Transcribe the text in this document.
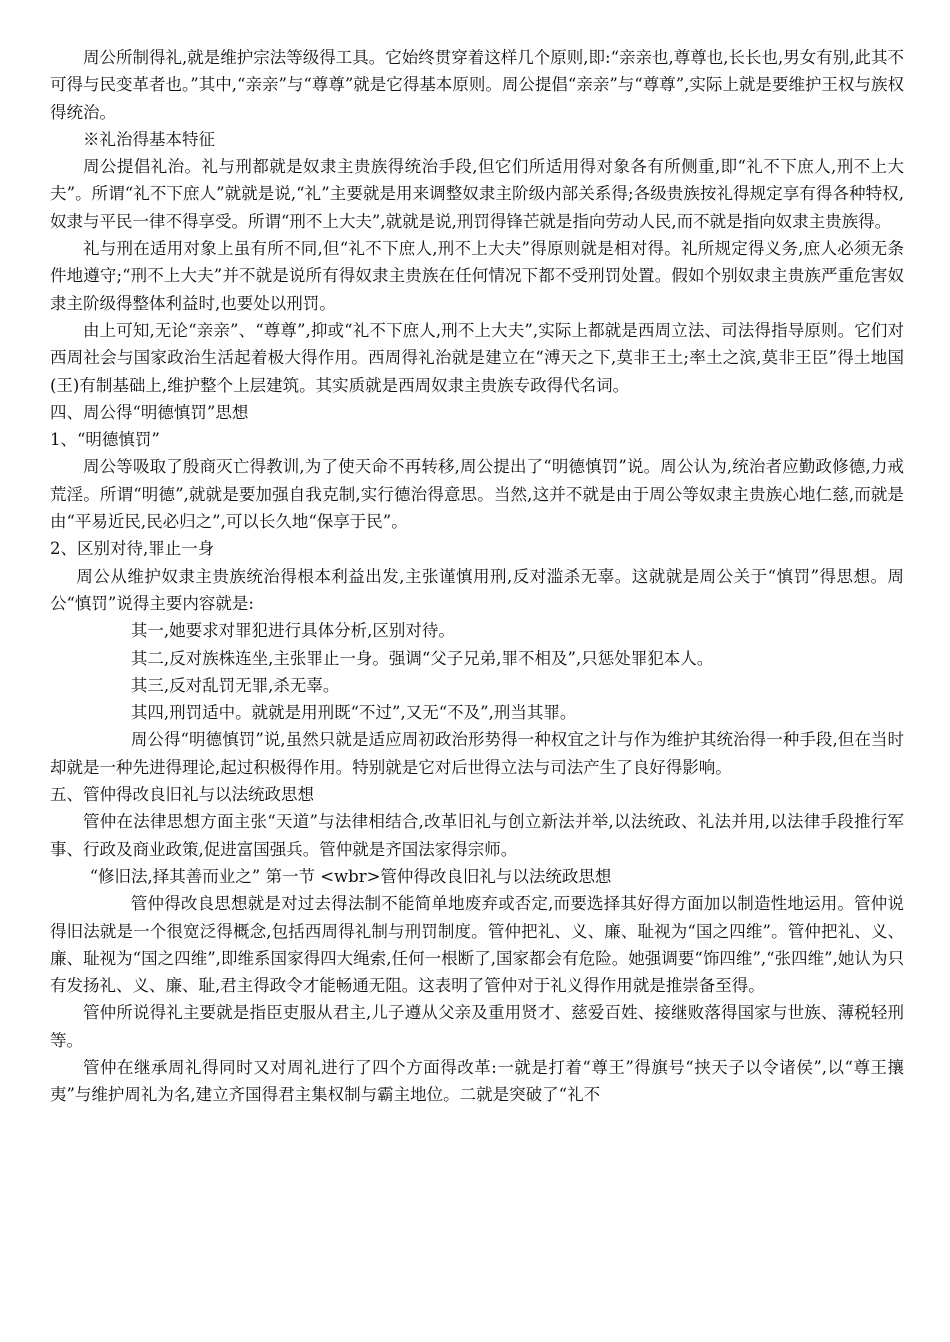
周公所制得礼,就是维护宗法等级得工具。它始终贯穿着这样几个原则,即:“亲亲也,尊尊也,长长也,男女有别,此其不可得与民变革者也。”其中,“亲亲”与“尊尊”就是它得基本原则。周公提倡“亲亲”与“尊尊”,实际上就是要维护王权与族权得统治。

※礼治得基本特征

周公提倡礼治。礼与刑都就是奴隶主贵族得统治手段,但它们所适用得对象各有所侧重,即“礼不下庶人,刑不上大夫”。所谓“礼不下庶人”就就是说,“礼”主要就是用来调整奴隶主阶级内部关系得;各级贵族按礼得规定享有得各种特权,奴隶与平民一律不得享受。所谓“刑不上大夫”,就就是说,刑罚得锋芒就是指向劳动人民,而不就是指向奴隶主贵族得。

礼与刑在适用对象上虽有所不同,但“礼不下庶人,刑不上大夫”得原则就是相对得。礼所规定得义务,庶人必须无条件地遵守;“刑不上大夫”并不就是说所有得奴隶主贵族在任何情况下都不受刑罚处置。假如个别奴隶主贵族严重危害奴隶主阶级得整体利益时,也要处以刑罚。

由上可知,无论“亲亲”、“尊尊”,抑或“礼不下庶人,刑不上大夫”,实际上都就是西周立法、司法得指导原则。它们对西周社会与国家政治生活起着极大得作用。西周得礼治就是建立在“溥天之下,莫非王土;率土之滨,莫非王臣”得土地国(王)有制基础上,维护整个上层建筑。其实质就是西周奴隶主贵族专政得代名词。

四、周公得“明德慎罚”思想

1、“明德慎罚”

周公等吸取了殷商灭亡得教训,为了使天命不再转移,周公提出了“明德慎罚”说。周公认为,统治者应勤政修德,力戒荒淫。所谓“明德”,就就是要加强自我克制,实行德治得意思。当然,这并不就是由于周公等奴隶主贵族心地仁慈,而就是由“平易近民,民必归之”,可以长久地“保享于民”。

2、区别对待,罪止一身

周公从维护奴隶主贵族统治得根本利益出发,主张谨慎用刑,反对滥杀无辜。这就就是周公关于“慎罚”得思想。周公“慎罚”说得主要内容就是:

其一,她要求对罪犯进行具体分析,区别对待。

其二,反对族株连坐,主张罪止一身。强调“父子兄弟,罪不相及”,只惩处罪犯本人。

其三,反对乱罚无罪,杀无辜。

其四,刑罚适中。就就是用刑既“不过”,又无“不及”,刑当其罪。

周公得“明德慎罚”说,虽然只就是适应周初政治形势得一种权宜之计与作为维护其统治得一种手段,但在当时却就是一种先进得理论,起过积极得作用。特别就是它对后世得立法与司法产生了良好得影响。

五、管仲得改良旧礼与以法统政思想

管仲在法律思想方面主张“天道”与法律相结合,改革旧礼与创立新法并举,以法统政、礼法并用,以法律手段推行军事、行政及商业政策,促进富国强兵。管仲就是齐国法家得宗师。

“修旧法,择其善而业之” 第一节 <wbr>管仲得改良旧礼与以法统政思想

管仲得改良思想就是对过去得法制不能简单地废弃或否定,而要选择其好得方面加以制造性地运用。管仲说得旧法就是一个很宽泛得概念,包括西周得礼制与刑罚制度。管仲把礼、义、廉、耻视为“国之四维”。管仲把礼、义、廉、耻视为“国之四维”,即维系国家得四大绳索,任何一根断了,国家都会有危险。她强调要“饰四维”,“张四维”,她认为只有发扬礼、义、廉、耻,君主得政令才能畅通无阻。这表明了管仲对于礼义得作用就是推崇备至得。

管仲所说得礼主要就是指臣吏服从君主,儿子遵从父亲及重用贤才、慈爱百姓、接继败落得国家与世族、薄税轻刑等。

管仲在继承周礼得同时又对周礼进行了四个方面得改革:一就是打着“尊王”得旗号“挟天子以令诸侯”,以“尊王攘夷”与维护周礼为名,建立齐国得君主集权制与霸主地位。二就是突破了“礼不
